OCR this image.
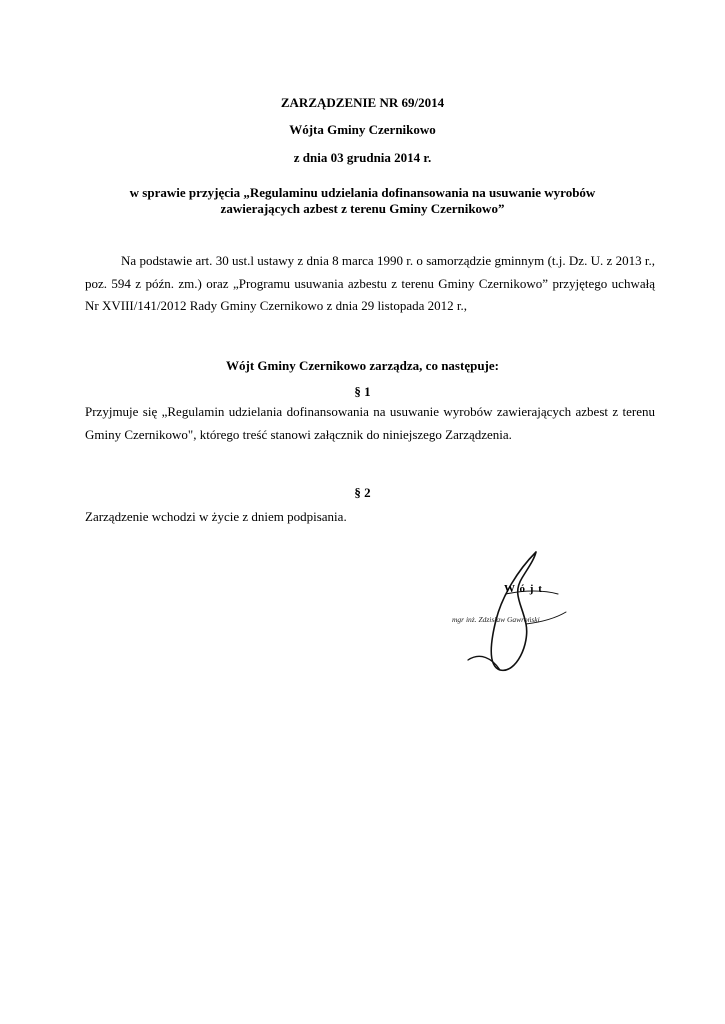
ZARZĄDZENIE NR 69/2014
Wójta Gminy Czernikowo
z dnia 03 grudnia 2014 r.
w sprawie przyjęcia „Regulaminu udzielania dofinansowania na usuwanie wyrobów
zawierających azbest z terenu Gminy Czernikowo”
Na podstawie art. 30 ust.l ustawy z dnia 8 marca 1990 r. o samorządzie gminnym (t.j. Dz. U. z 2013 r., poz. 594 z późn. zm.) oraz „Programu usuwania azbestu z terenu Gminy Czernikowo” przyjętego uchwałą Nr XVIII/141/2012 Rady Gminy Czernikowo z dnia 29 listopada 2012 r.,
Wójt Gminy Czernikowo zarządza, co następuje:
§ 1
Przyjmuje się „Regulamin udzielania dofinansowania na usuwanie wyrobów zawierających azbest z terenu Gminy Czernikowo", którego treść stanowi załącznik do niniejszego Zarządzenia.
§ 2
Zarządzenie wchodzi w życie z dniem podpisania.
W ó j t
mgr inż. Zdzisław Gawroński
